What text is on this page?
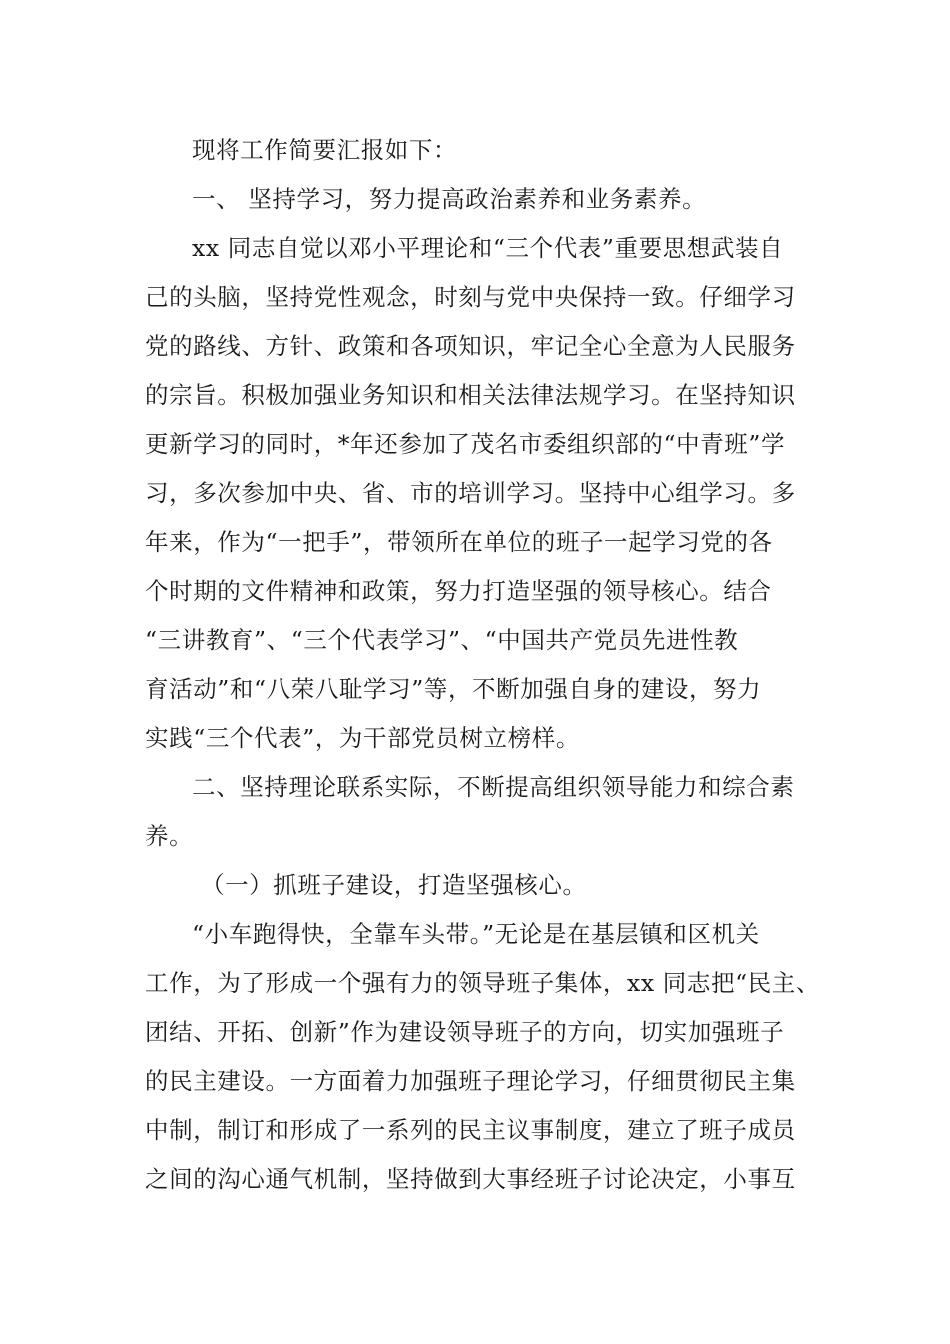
现将工作简要汇报如下：
一、 坚持学习，努力提高政治素养和业务素养。
xx 同志自觉以邓小平理论和“三个代表”重要思想武装自
己的头脑，坚持党性观念，时刻与党中央保持一致。仔细学习
党的路线、方针、政策和各项知识，牢记全心全意为人民服务
的宗旨。积极加强业务知识和相关法律法规学习。在坚持知识
更新学习的同时，*年还参加了茂名市委组织部的“中青班”学
习，多次参加中央、省、市的培训学习。坚持中心组学习。多
年来，作为“一把手”，带领所在单位的班子一起学习党的各
个时期的文件精神和政策，努力打造坚强的领导核心。结合
“三讲教育”、“三个代表学习”、“中国共产党员先进性教
育活动”和“八荣八耻学习”等，不断加强自身的建设，努力
实践“三个代表”，为干部党员树立榜样。
二、坚持理论联系实际，不断提高组织领导能力和综合素
养。
（一）抓班子建设，打造坚强核心。
“小车跑得快，全靠车头带。”无论是在基层镇和区机关
工作，为了形成一个强有力的领导班子集体，xx 同志把“民主、
团结、开拓、创新”作为建设领导班子的方向，切实加强班子
的民主建设。一方面着力加强班子理论学习，仔细贯彻民主集
中制，制订和形成了一系列的民主议事制度，建立了班子成员
之间的沟心通气机制，坚持做到大事经班子讨论决定，小事互
